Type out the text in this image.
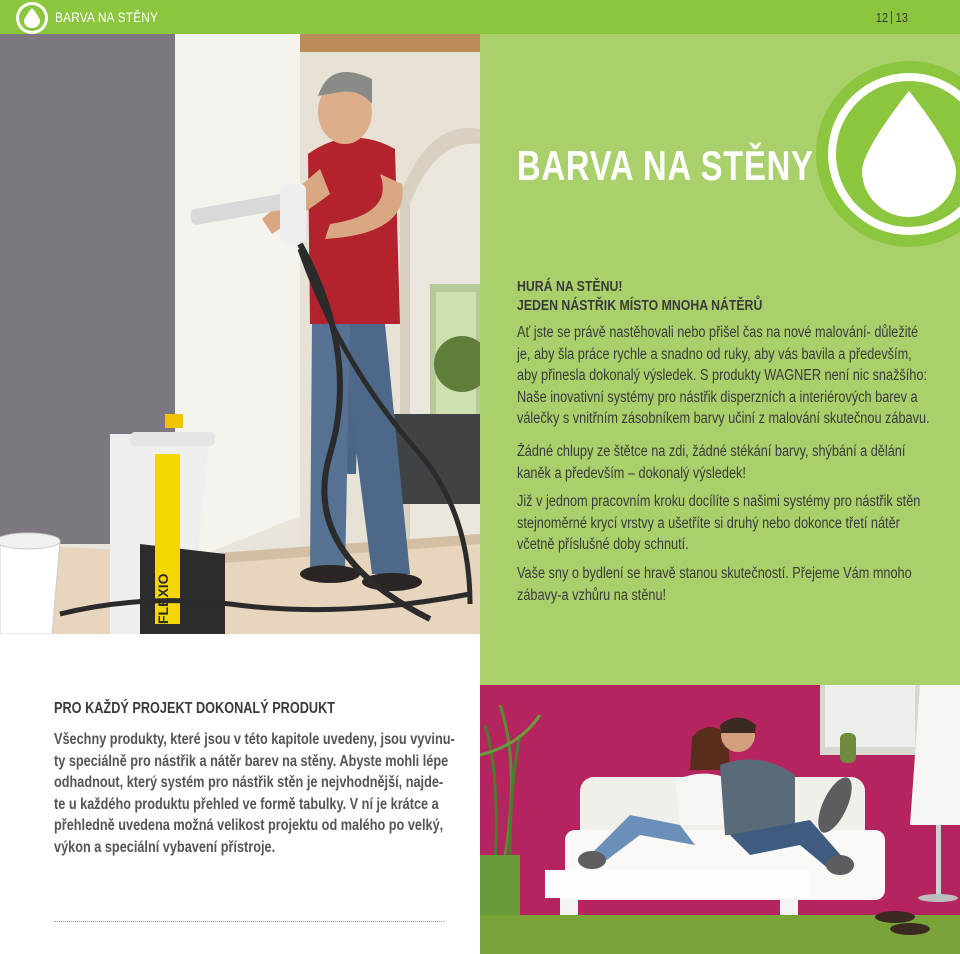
BARVA NA STĚNY	12 13
FLEXIO
BARVA NA STĚNY
HURÁ NA STĚNU!
JEDEN NÁSTŘIK MÍSTO MNOHA NÁTĚRŮ
Ať jste se právě nastěhovali nebo přišel čas na nové malování- důležité
je, aby šla práce rychle a snadno od ruky, aby vás bavila a především,
aby přinesla dokonalý výsledek. S produkty WAGNER není nic snažšího:
Naše inovativní systémy pro nástřik disperzních a interiérových barev a
válečky s vnitřním zásobníkem barvy učiní z malování skutečnou zábavu.
Žádné chlupy ze štětce na zdi, žádné stékání barvy, shýbání a dělání
kaněk a především – dokonalý výsledek!
Již v jednom pracovním kroku docílíte s našimi systémy pro nástřik stěn
stejnoměrné krycí vrstvy a ušetříte si druhý nebo dokonce třetí nátěr
včetně příslušné doby schnutí.
Vaše sny o bydlení se hravě stanou skutečností. Přejeme Vám mnoho
zábavy-a vzhůru na stěnu!
PRO KAŽDÝ PROJEKT DOKONALÝ PRODUKT
Všechny produkty, které jsou v této kapitole uvedeny, jsou vyvinu-
ty speciálně pro nástřik a nátěr barev na stěny. Abyste mohli lépe
odhadnout, který systém pro nástřik stěn je nejvhodnější, najde-
te u každého produktu přehled ve formě tabulky. V ní je krátce a
přehledně uvedena možná velikost projektu od malého po velký,
výkon a speciální vybavení přístroje.
